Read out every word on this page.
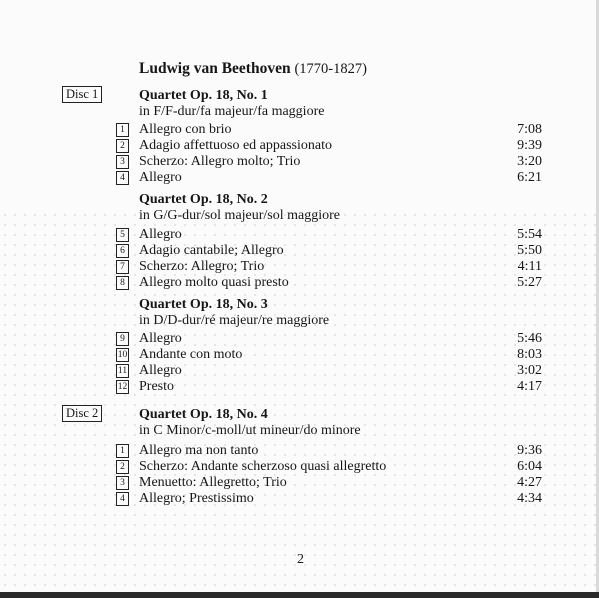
Ludwig van Beethoven (1770-1827)
Disc 1
Disc 2
Quartet Op. 18, No. 1
in F/F-dur/fa majeur/fa maggiore
1 Allegro con brio	7:08
2 Adagio affettuoso ed appassionato	9:39
3 Scherzo: Allegro molto; Trio	3:20
4 Allegro	6:21
Quartet Op. 18, No. 2
in G/G-dur/sol majeur/sol maggiore
5 Allegro	5:54
6 Adagio cantabile; Allegro	5:50
7 Scherzo: Allegro; Trio	4:11
8 Allegro molto quasi presto	5:27
Quartet Op. 18, No. 3
in D/D-dur/ré majeur/re maggiore
9 Allegro	5:46
10 Andante con moto	8:03
11 Allegro	3:02
12 Presto	4:17
Quartet Op. 18, No. 4
in C Minor/c-moll/ut mineur/do minore
1 Allegro ma non tanto	9:36
2 Scherzo: Andante scherzoso quasi allegretto	6:04
3 Menuetto: Allegretto; Trio	4:27
4 Allegro; Prestissimo	4:34
2
